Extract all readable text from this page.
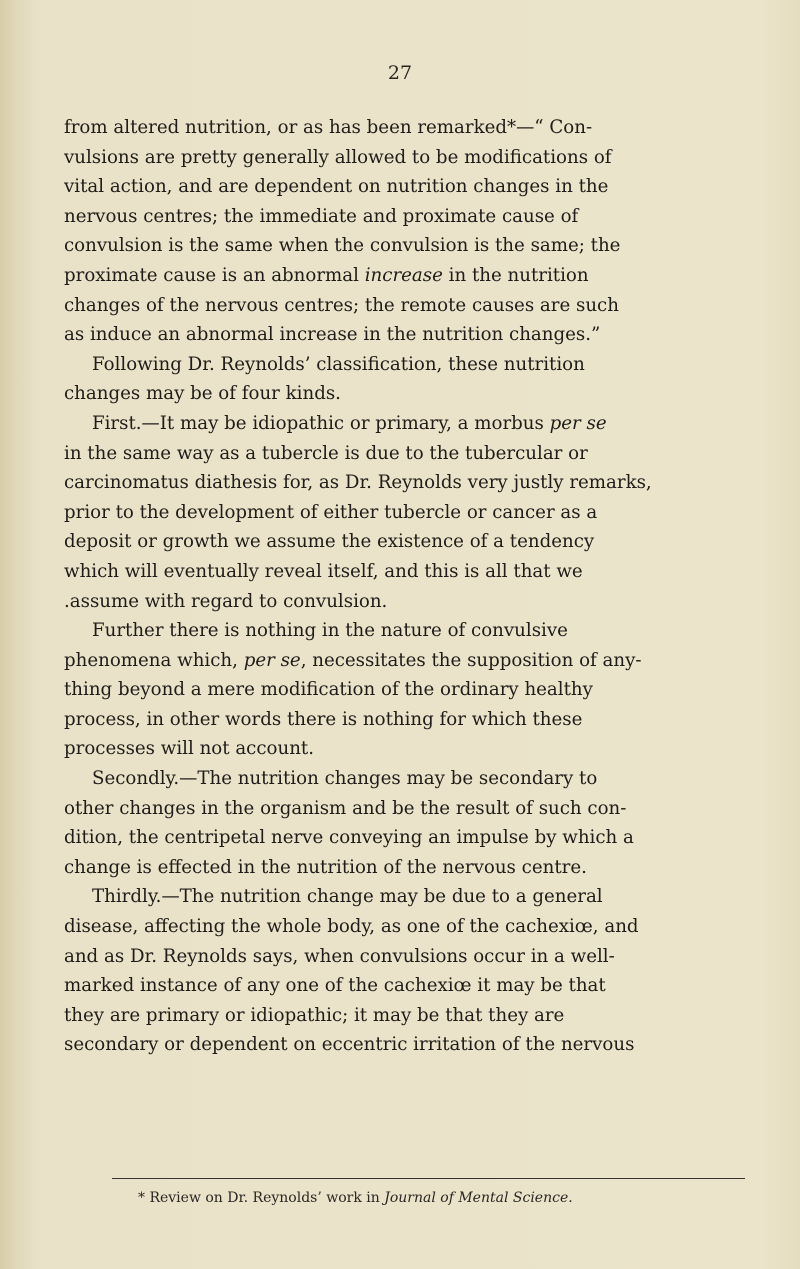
27
from altered nutrition, or as has been remarked*—“ Con-
vulsions are pretty generally allowed to be modifications of
vital action, and are dependent on nutrition changes in the
nervous centres; the immediate and proximate cause of
convulsion is the same when the convulsion is the same; the
proximate cause is an abnormal increase in the nutrition
changes of the nervous centres; the remote causes are such
as induce an abnormal increase in the nutrition changes.”
Following Dr. Reynolds’ classification, these nutrition
changes may be of four kinds.
First.—It may be idiopathic or primary, a morbus per se
in the same way as a tubercle is due to the tubercular or
carcinomatus diathesis for, as Dr. Reynolds very justly remarks,
prior to the development of either tubercle or cancer as a
deposit or growth we assume the existence of a tendency
which will eventually reveal itself, and this is all that we
.assume with regard to convulsion.
Further there is nothing in the nature of convulsive
phenomena which, per se, necessitates the supposition of any-
thing beyond a mere modification of the ordinary healthy
process, in other words there is nothing for which these
processes will not account.
Secondly.—The nutrition changes may be secondary to
other changes in the organism and be the result of such con-
dition, the centripetal nerve conveying an impulse by which a
change is effected in the nutrition of the nervous centre.
Thirdly.—The nutrition change may be due to a general
disease, affecting the whole body, as one of the cachexiœ, and
and as Dr. Reynolds says, when convulsions occur in a well-
marked instance of any one of the cachexiœ it may be that
they are primary or idiopathic; it may be that they are
secondary or dependent on eccentric irritation of the nervous
* Review on Dr. Reynolds’ work in Journal of Mental Science.
